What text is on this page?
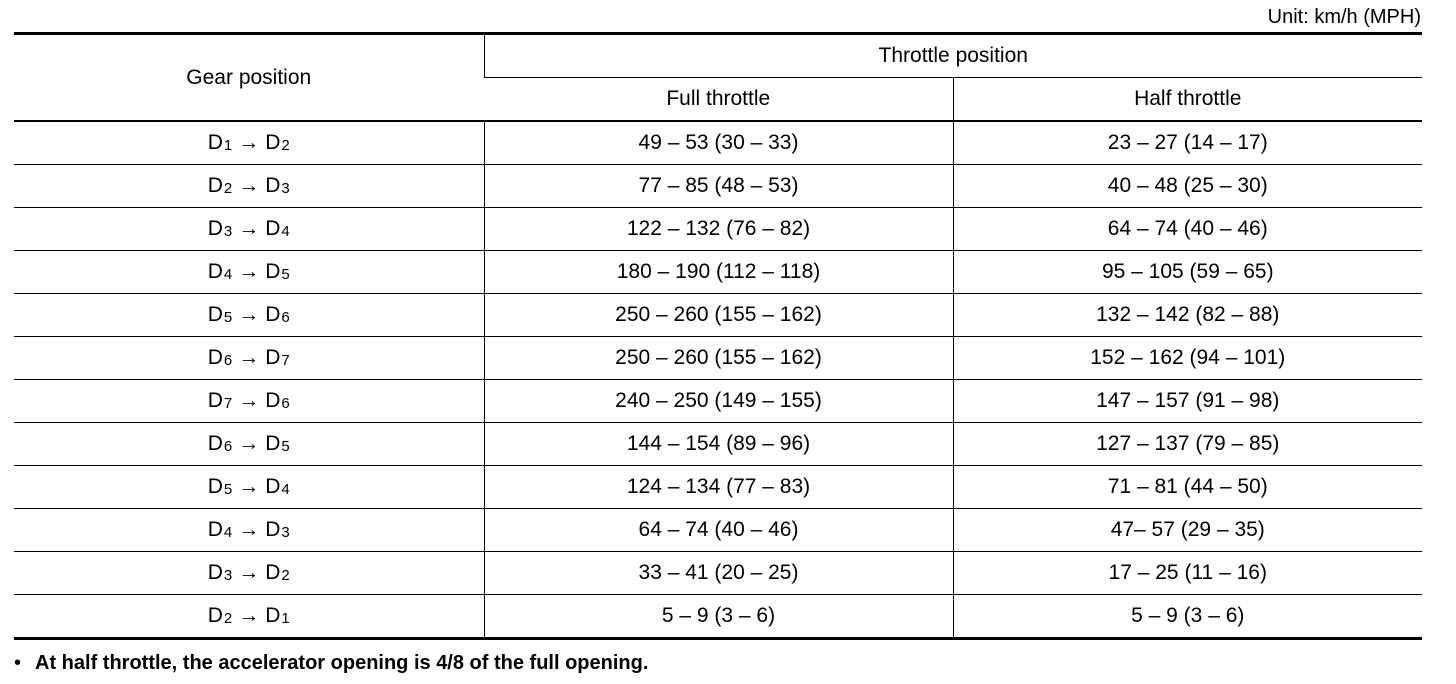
Unit: km/h (MPH)
Gear position	Throttle position	
	Full throttle	Half throttle
$D_1 \to D_2$	49 – 53 (30 – 33)	23 – 27 (14 – 17)
$D_2 \to D_3$	77 – 85 (48 – 53)	40 – 48 (25 – 30)
$D_3 \to D_4$	122 – 132 (76 – 82)	64 – 74 (40 – 46)
$D_4 \to D_5$	180 – 190 (112 – 118)	95 – 105 (59 – 65)
$D_5 \to D_6$	250 – 260 (155 – 162)	132 – 142 (82 – 88)
$D_6 \to D_7$	250 – 260 (155 – 162)	152 – 162 (94 – 101)
$D_7 \to D_6$	240 – 250 (149 – 155)	147 – 157 (91 – 98)
$D_6 \to D_5$	144 – 154 (89 – 96)	127 – 137 (79 – 85)
$D_5 \to D_4$	124 – 134 (77 – 83)	71 – 81 (44 – 50)
$D_4 \to D_3$	64 – 74 (40 – 46)	47– 57 (29 – 35)
$D_3 \to D_2$	33 – 41 (20 – 25)	17 – 25 (11 – 16)
$D_2 \to D_1$	5 – 9 (3 – 6)	5 – 9 (3 – 6)
• At half throttle, the accelerator opening is 4/8 of the full opening.
